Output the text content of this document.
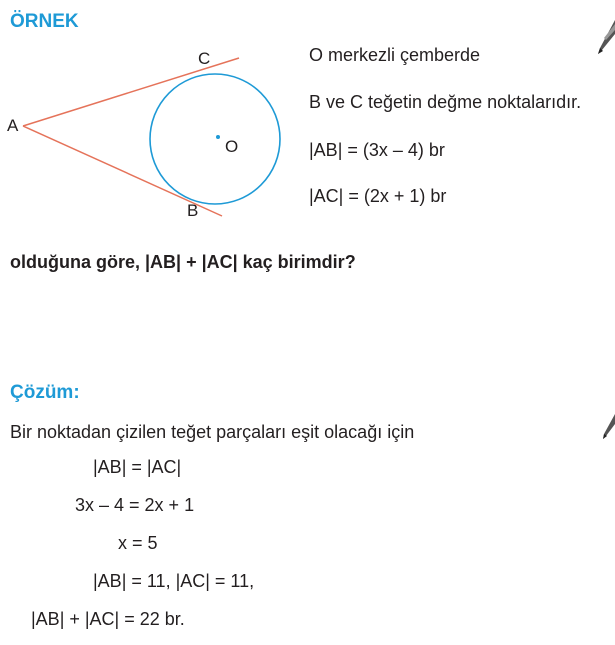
ÖRNEK
A
C
B
O
O merkezli çemberde
B ve C teğetin değme noktalarıdır.
|AB| = (3x – 4) br
|AC| = (2x + 1) br
olduğuna göre, |AB| + |AC| kaç birimdir?
Çözüm:
Bir noktadan çizilen teğet parçaları eşit olacağı için
|AB| = |AC|
3x – 4 = 2x + 1
x = 5
|AB| = 11, |AC| = 11,
|AB| + |AC| = 22 br.
